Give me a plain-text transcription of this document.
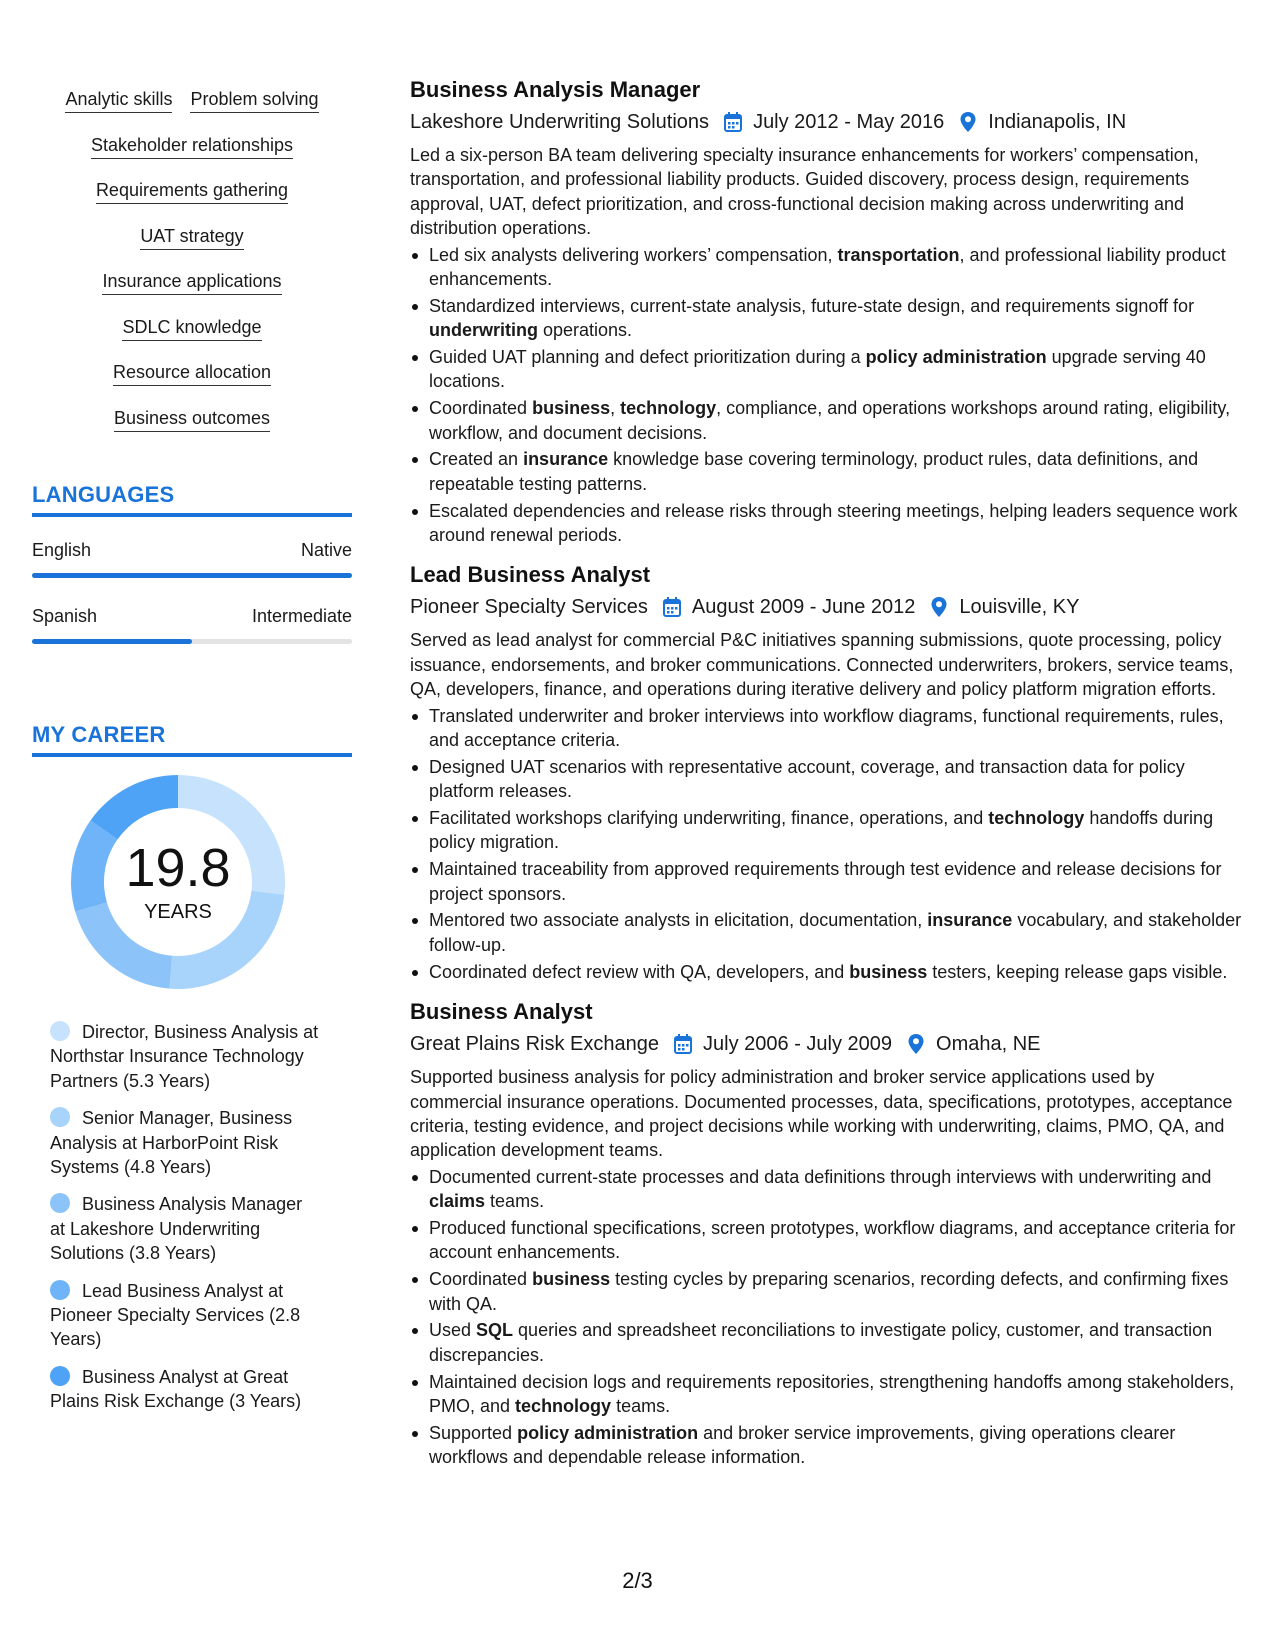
Analytic skills Problem solving
Stakeholder relationships
Requirements gathering
UAT strategy
Insurance applications
SDLC knowledge
Resource allocation
Business outcomes
LANGUAGES
English	Native
Spanish	Intermediate
MY CAREER
19.8
YEARS
Director, Business Analysis at Northstar Insurance Technology Partners (5.3 Years)
Senior Manager, Business Analysis at HarborPoint Risk Systems (4.8 Years)
Business Analysis Manager at Lakeshore Underwriting Solutions (3.8 Years)
Lead Business Analyst at Pioneer Specialty Services (2.8 Years)
Business Analyst at Great Plains Risk Exchange (3 Years)
Business Analysis Manager
Lakeshore Underwriting Solutions July 2012 - May 2016 Indianapolis, IN
Led a six-person BA team delivering specialty insurance enhancements for workers’ compensation, transportation, and professional liability products. Guided discovery, process design, requirements approval, UAT, defect prioritization, and cross-functional decision making across underwriting and distribution operations.
Led six analysts delivering workers’ compensation, transportation, and professional liability product enhancements.
Standardized interviews, current-state analysis, future-state design, and requirements signoff for underwriting operations.
Guided UAT planning and defect prioritization during a policy administration upgrade serving 40 locations.
Coordinated business, technology, compliance, and operations workshops around rating, eligibility, workflow, and document decisions.
Created an insurance knowledge base covering terminology, product rules, data definitions, and repeatable testing patterns.
Escalated dependencies and release risks through steering meetings, helping leaders sequence work around renewal periods.
Lead Business Analyst
Pioneer Specialty Services August 2009 - June 2012 Louisville, KY
Served as lead analyst for commercial P&C initiatives spanning submissions, quote processing, policy issuance, endorsements, and broker communications. Connected underwriters, brokers, service teams, QA, developers, finance, and operations during iterative delivery and policy platform migration efforts.
Translated underwriter and broker interviews into workflow diagrams, functional requirements, rules, and acceptance criteria.
Designed UAT scenarios with representative account, coverage, and transaction data for policy platform releases.
Facilitated workshops clarifying underwriting, finance, operations, and technology handoffs during policy migration.
Maintained traceability from approved requirements through test evidence and release decisions for project sponsors.
Mentored two associate analysts in elicitation, documentation, insurance vocabulary, and stakeholder follow-up.
Coordinated defect review with QA, developers, and business testers, keeping release gaps visible.
Business Analyst
Great Plains Risk Exchange July 2006 - July 2009 Omaha, NE
Supported business analysis for policy administration and broker service applications used by commercial insurance operations. Documented processes, data, specifications, prototypes, acceptance criteria, testing evidence, and project decisions while working with underwriting, claims, PMO, QA, and application development teams.
Documented current-state processes and data definitions through interviews with underwriting and claims teams.
Produced functional specifications, screen prototypes, workflow diagrams, and acceptance criteria for account enhancements.
Coordinated business testing cycles by preparing scenarios, recording defects, and confirming fixes with QA.
Used SQL queries and spreadsheet reconciliations to investigate policy, customer, and transaction discrepancies.
Maintained decision logs and requirements repositories, strengthening handoffs among stakeholders, PMO, and technology teams.
Supported policy administration and broker service improvements, giving operations clearer workflows and dependable release information.
2/3
